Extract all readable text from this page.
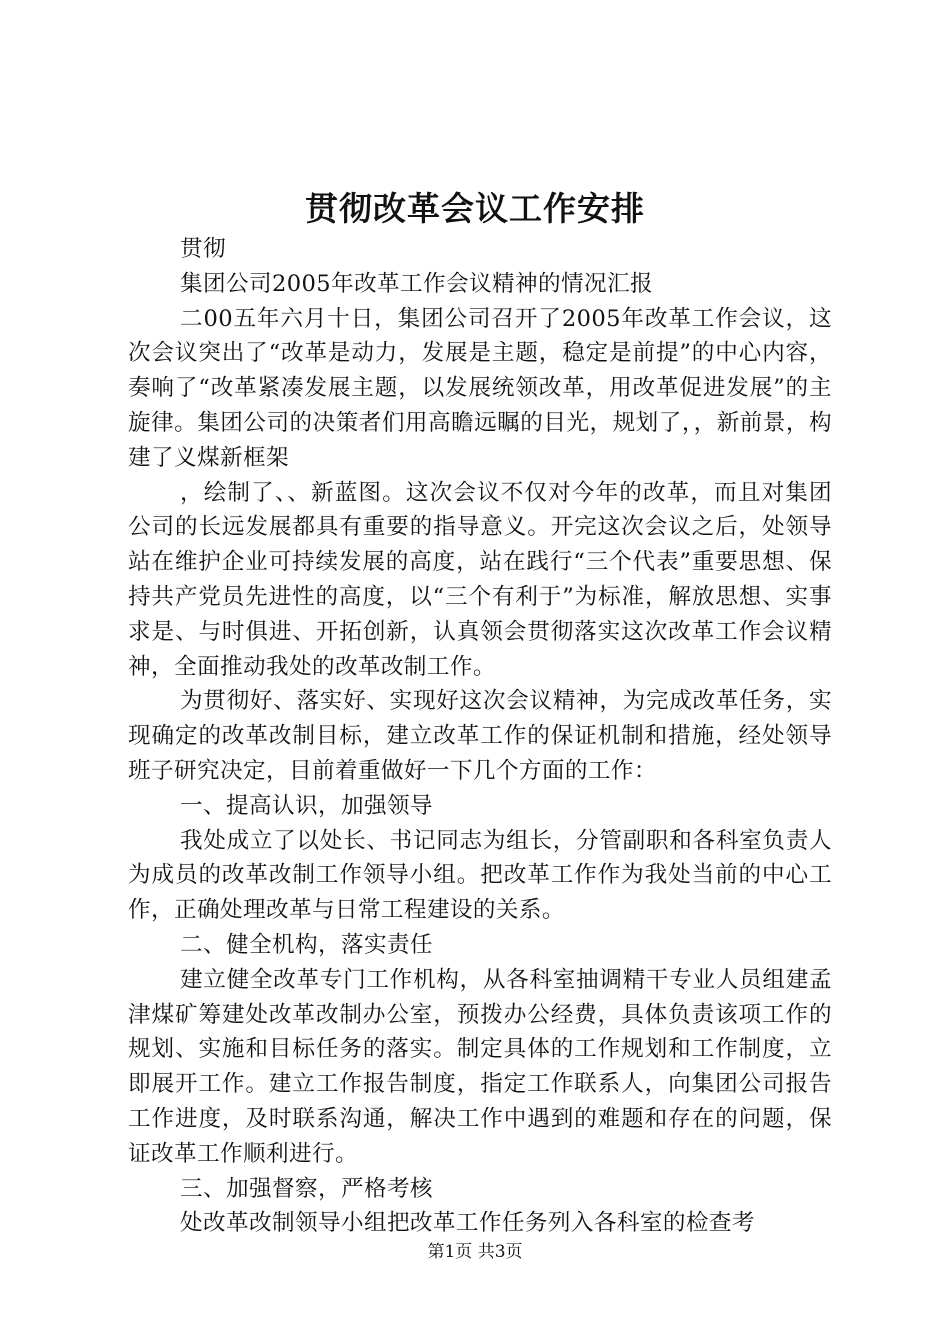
贯彻改革会议工作安排

贯彻

集团公司2005年改革工作会议精神的情况汇报

二00五年六月十日，集团公司召开了2005年改革工作会议，这次会议突出了“改革是动力，发展是主题，稳定是前提”的中心内容，奏响了“改革紧凑发展主题，以发展统领改革，用改革促进发展”的主旋律。集团公司的决策者们用高瞻远瞩的目光，规划了，，新前景，构建了义煤新框架

，绘制了、、新蓝图。这次会议不仅对今年的改革，而且对集团公司的长远发展都具有重要的指导意义。开完这次会议之后，处领导站在维护企业可持续发展的高度，站在践行“三个代表”重要思想、保持共产党员先进性的高度，以“三个有利于”为标准，解放思想、实事求是、与时俱进、开拓创新，认真领会贯彻落实这次改革工作会议精神，全面推动我处的改革改制工作。

为贯彻好、落实好、实现好这次会议精神，为完成改革任务，实现确定的改革改制目标，建立改革工作的保证机制和措施，经处领导班子研究决定，目前着重做好一下几个方面的工作：

一、提高认识，加强领导

我处成立了以处长、书记同志为组长，分管副职和各科室负责人为成员的改革改制工作领导小组。把改革工作作为我处当前的中心工作，正确处理改革与日常工程建设的关系。

二、健全机构，落实责任

建立健全改革专门工作机构，从各科室抽调精干专业人员组建孟津煤矿筹建处改革改制办公室，预拨办公经费，具体负责该项工作的规划、实施和目标任务的落实。制定具体的工作规划和工作制度，立即展开工作。建立工作报告制度，指定工作联系人，向集团公司报告工作进度，及时联系沟通，解决工作中遇到的难题和存在的问题，保证改革工作顺利进行。

三、加强督察，严格考核

处改革改制领导小组把改革工作任务列入各科室的检查考

第1页 共3页
